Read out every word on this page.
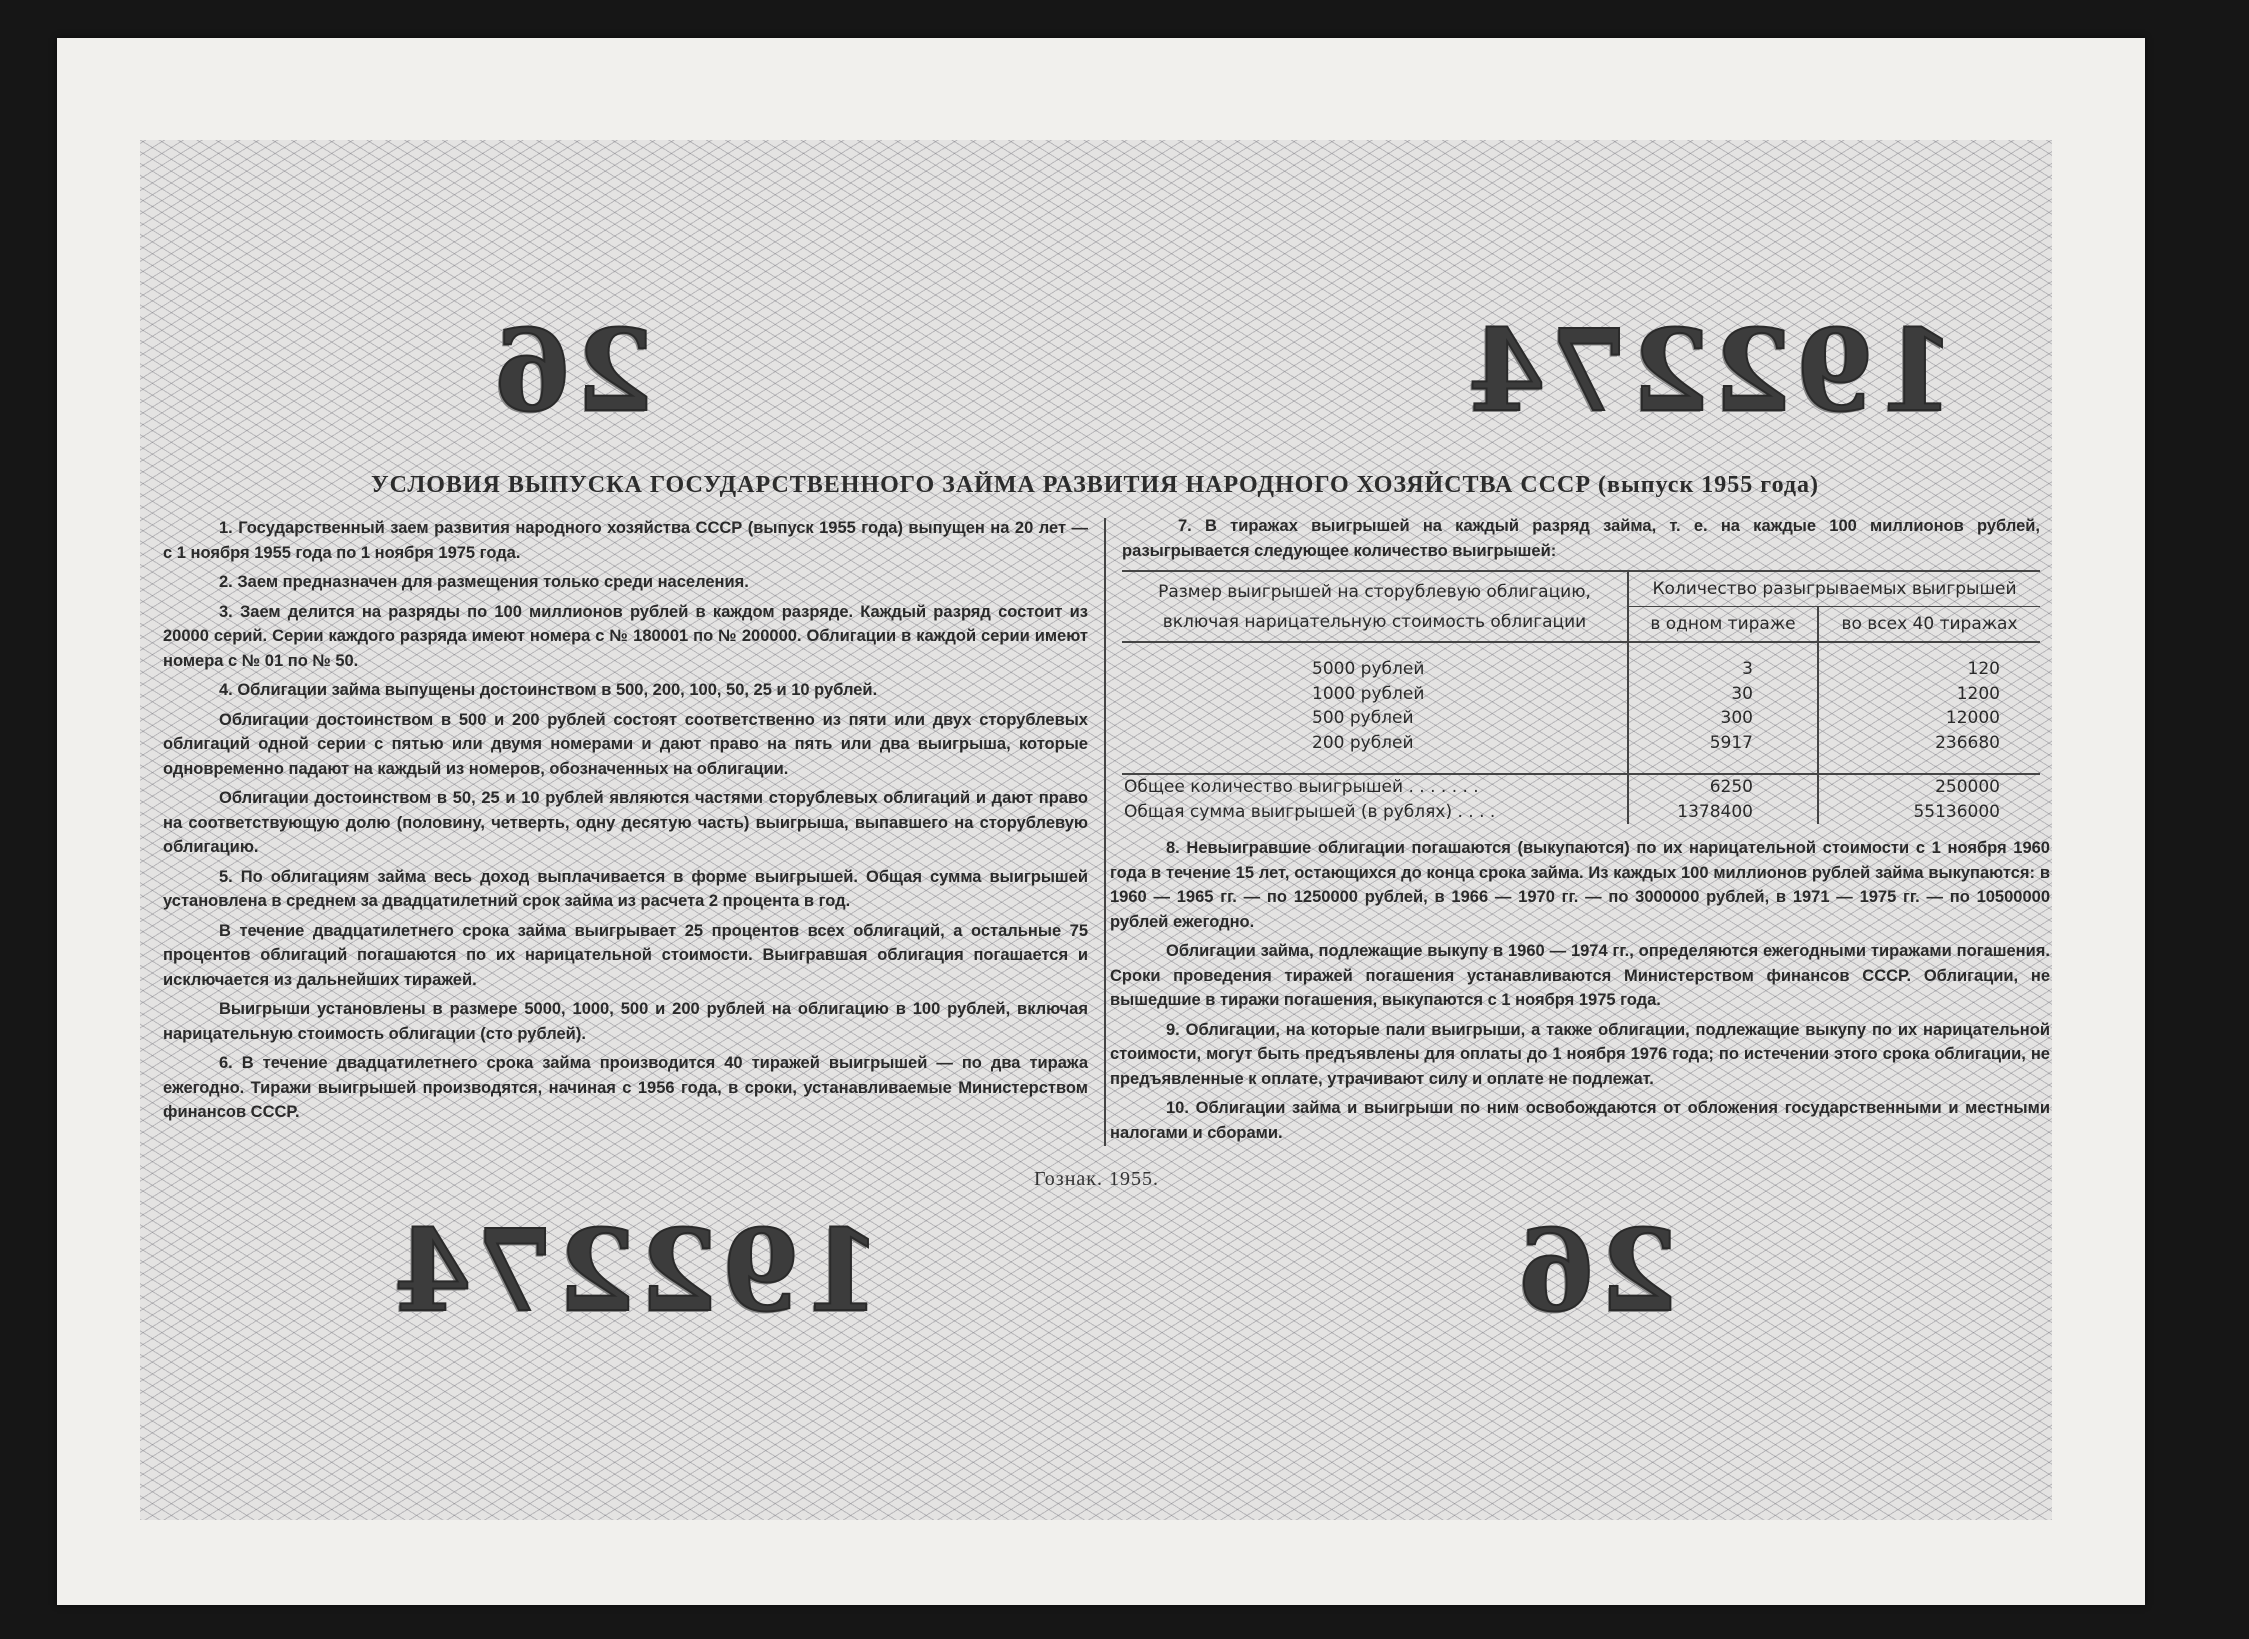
26	192274
192274	26
УСЛОВИЯ ВЫПУСКА ГОСУДАРСТВЕННОГО ЗАЙМА РАЗВИТИЯ НАРОДНОГО ХОЗЯЙСТВА СССР (выпуск 1955 года)

1. Государственный заем развития народного хозяйства СССР (выпуск 1955 года) выпущен на 20 лет — с 1 ноября 1955 года по 1 ноября 1975 года.

2. Заем предназначен для размещения только среди населения.

3. Заем делится на разряды по 100 миллионов рублей в каждом разряде. Каждый разряд состоит из 20000 серий. Серии каждого разряда имеют номера с № 180001 по № 200000. Облигации в каждой серии имеют номера с № 01 по № 50.

4. Облигации займа выпущены достоинством в 500, 200, 100, 50, 25 и 10 рублей.

Облигации достоинством в 500 и 200 рублей состоят соответственно из пяти или двух сторублевых облигаций одной серии с пятью или двумя номерами и дают право на пять или два выигрыша, которые одновременно падают на каждый из номеров, обозначенных на облигации.

Облигации достоинством в 50, 25 и 10 рублей являются частями сторублевых облигаций и дают право на соответствующую долю (половину, четверть, одну десятую часть) выигрыша, выпавшего на сторублевую облигацию.

5. По облигациям займа весь доход выплачивается в форме выигрышей. Общая сумма выигрышей установлена в среднем за двадцатилетний срок займа из расчета 2 процента в год.

В течение двадцатилетнего срока займа выигрывает 25 процентов всех облигаций, а остальные 75 процентов облигаций погашаются по их нарицательной стоимости. Выигравшая облигация погашается и исключается из дальнейших тиражей.

Выигрыши установлены в размере 5000, 1000, 500 и 200 рублей на облигацию в 100 рублей, включая нарицательную стоимость облигации (сто рублей).

6. В течение двадцатилетнего срока займа производится 40 тиражей выигрышей — по два тиража ежегодно. Тиражи выигрышей производятся, начиная с 1956 года, в сроки, устанавливаемые Министерством финансов СССР.

7. В тиражах выигрышей на каждый разряд займа, т. е. на каждые 100 миллионов рублей, разыгрывается следующее количество выигрышей:

Размер выигрышей на сторублевую облигацию, включая нарицательную стоимость облигации	Количество разыгрываемых выигрышей	
	в одном тираже	во всех 40 тиражах

5000 рублей	3	120
1000 рублей	30	1200
500 рублей	300	12000
200 рублей	5917	236680

Общее количество выигрышей . . . . . . .	6250	250000
Общая сумма выигрышей (в рублях) . . . .	1378400	55136000

8. Невыигравшие облигации погашаются (выкупаются) по их нарицательной стоимости с 1 ноября 1960 года в течение 15 лет, остающихся до конца срока займа. Из каждых 100 миллионов рублей займа выкупаются: в 1960 — 1965 гг. — по 1250000 рублей, в 1966 — 1970 гг. — по 3000000 рублей, в 1971 — 1975 гг. — по 10500000 рублей ежегодно.

Облигации займа, подлежащие выкупу в 1960 — 1974 гг., определяются ежегодными тиражами погашения. Сроки проведения тиражей погашения устанавливаются Министерством финансов СССР. Облигации, не вышедшие в тиражи погашения, выкупаются с 1 ноября 1975 года.

9. Облигации, на которые пали выигрыши, а также облигации, подлежащие выкупу по их нарицательной стоимости, могут быть предъявлены для оплаты до 1 ноября 1976 года; по истечении этого срока облигации, не предъявленные к оплате, утрачивают силу и оплате не подлежат.

10. Облигации займа и выигрыши по ним освобождаются от обложения государственными и местными налогами и сборами.

Гознак. 1955.
